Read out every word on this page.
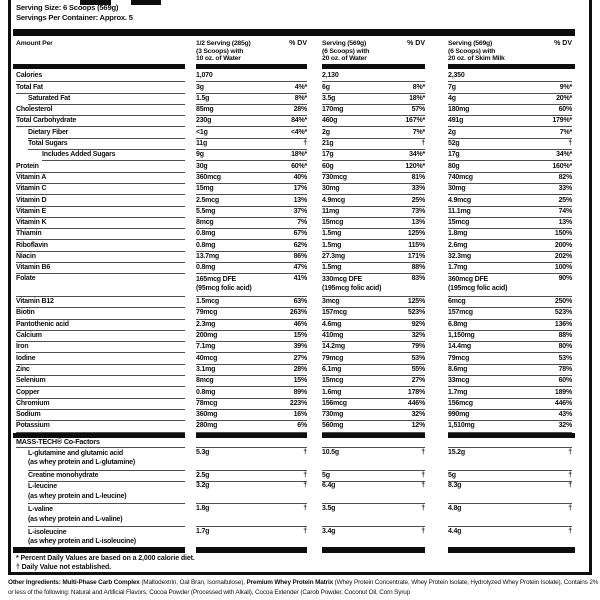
Serving Size: 6 Scoops (569g)
Servings Per Container: Approx. 5
Amount Per	1/2 Serving (285g)
(3 Scoops) with
10 oz. of Water
% DV Serving (569g)
(6 Scoops) with
20 oz. of Water
% DV	Serving (569g)
(6 Scoops) with
20 oz. of Skim Milk
% DV
Calories	1,070	2,130	2,350
Total Fat	3g	4%* 6g	8%*	7g	9%*
Saturated Fat	1.5g	8%* 3.5g	18%*	4g	20%*
Cholesterol	85mg	28% 170mg	57%	180mg	60%
Total Carbohydrate	230g	84%* 460g	167%*	491g	179%*
Dietary Fiber	<1g	<4%* 2g	7%*	2g	7%*
Total Sugars	11g	† 21g	†	52g	†
Includes Added Sugars	9g	18%* 17g	34%*	17g	34%*
Protein	30g	60%* 60g	120%*	80g	160%*
Vitamin A	360mcg	40% 730mcg	81%	740mcg	82%
Vitamin C	15mg	17% 30mg	33%	30mg	33%
Vitamin D	2.5mcg	13% 4.9mcg	25%	4.9mcg	25%
Vitamin E	5.5mg	37% 11mg	73%	11.1mg	74%
Vitamin K	8mcg	7% 15mcg	13%	15mcg	13%
Thiamin	0.8mg	67% 1.5mg	125%	1.8mg	150%
Riboflavin	0.8mg	62% 1.5mg	115%	2.6mg	200%
Niacin	13.7mg	86% 27.3mg	171%	32.3mg	202%
Vitamin B6	0.8mg	47% 1.5mg	88%	1.7mg	100%
Folate	165mcg DFE
(95mcg folic acid)
41% 330mcg DFE
(195mcg folic acid)
83%	360mcg DFE
(195mcg folic acid)
90%
Vitamin B12	1.5mcg	63% 3mcg	125%	6mcg	250%
Biotin	79mcg	263% 157mcg	523%	157mcg	523%
Pantothenic acid	2.3mg	46% 4.6mg	92%	6.8mg	136%
Calcium	200mg	15% 410mg	32%	1,150mg	88%
Iron	7.1mg	39% 14.2mg	79%	14.4mg	80%
Iodine	40mcg	27% 79mcg	53%	79mcg	53%
Zinc	3.1mg	28% 6.1mg	55%	8.6mg	78%
Selenium	8mcg	15% 15mcg	27%	33mcg	60%
Copper	0.8mg	89% 1.6mg	178%	1.7mg	189%
Chromium	78mcg	223% 156mcg	446%	156mcg	446%
Sodium	360mg	16% 730mg	32%	990mg	43%
Potassium	280mg	6% 560mg	12%	1,510mg	32%
MASS-TECH® Co-Factors
L-glutamine and glutamic acid
(as whey protein and L-glutamine)
5.3g	† 10.5g	†	15.2g	†
Creatine monohydrate	2.5g	† 5g	†	5g	†
L-leucine
(as whey protein and L-leucine)
3.2g	† 6.4g	†	8.3g	†
L-valine
(as whey protein and L-valine)
1.8g	† 3.5g	†	4.8g	†
L-isoleucine
(as whey protein and L-isoleucine)
1.7g	† 3.4g	†	4.4g	†
* Percent Daily Values are based on a 2,000 calorie diet.
† Daily Value not established.
Other Ingredients: Multi-Phase Carb Complex (Maltodextrin, Oat Bran, Isomaltulose), Premium Whey Protein Matrix (Whey Protein Concentrate, Whey Protein Isolate, Hydrolyzed Whey Protein Isolate), Contains 2% or less of the following: Natural and Artificial Flavors, Cocoa Powder (Processed with Alkali), Cocoa Extender (Carob Powder, Coconut Oil, Corn Syrup
